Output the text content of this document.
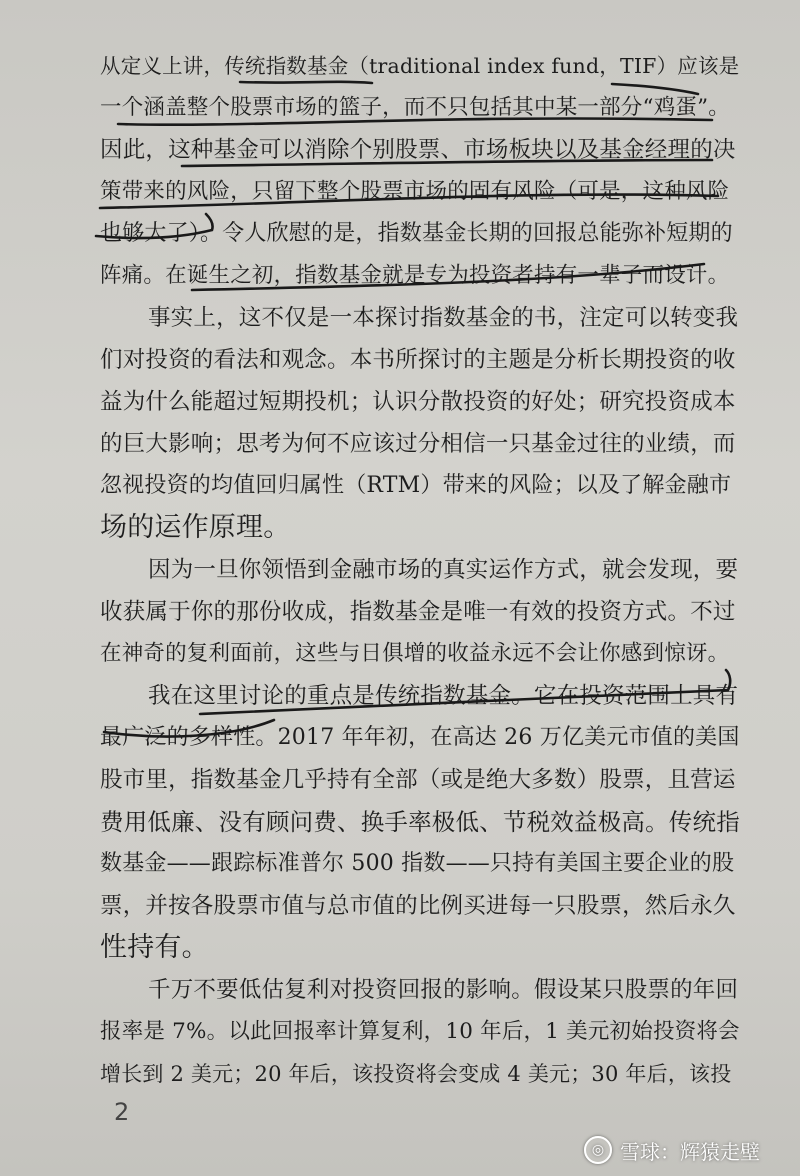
从定义上讲，传统指数基金（traditional index fund，TIF）应该是
一个涵盖整个股票市场的篮子，而不只包括其中某一部分“鸡蛋”。
因此，这种基金可以消除个别股票、市场板块以及基金经理的决
策带来的风险，只留下整个股票市场的固有风险（可是，这种风险
也够大了）。令人欣慰的是，指数基金长期的回报总能弥补短期的
阵痛。在诞生之初，指数基金就是专为投资者持有一辈子而设计。
事实上，这不仅是一本探讨指数基金的书，注定可以转变我
们对投资的看法和观念。本书所探讨的主题是分析长期投资的收
益为什么能超过短期投机；认识分散投资的好处；研究投资成本
的巨大影响；思考为何不应该过分相信一只基金过往的业绩，而
忽视投资的均值回归属性（RTM）带来的风险；以及了解金融市
场的运作原理。
因为一旦你领悟到金融市场的真实运作方式，就会发现，要
收获属于你的那份收成，指数基金是唯一有效的投资方式。不过
在神奇的复利面前，这些与日俱增的收益永远不会让你感到惊讶。
我在这里讨论的重点是传统指数基金。它在投资范围上具有
最广泛的多样性。2017 年年初，在高达 26 万亿美元市值的美国
股市里，指数基金几乎持有全部（或是绝大多数）股票，且营运
费用低廉、没有顾问费、换手率极低、节税效益极高。传统指
数基金——跟踪标准普尔 500 指数——只持有美国主要企业的股
票，并按各股票市值与总市值的比例买进每一只股票，然后永久
性持有。
千万不要低估复利对投资回报的影响。假设某只股票的年回
报率是 7%。以此回报率计算复利，10 年后，1 美元初始投资将会
增长到 2 美元；20 年后，该投资将会变成 4 美元；30 年后，该投
2
◎ 雪球：辉猿走壁
